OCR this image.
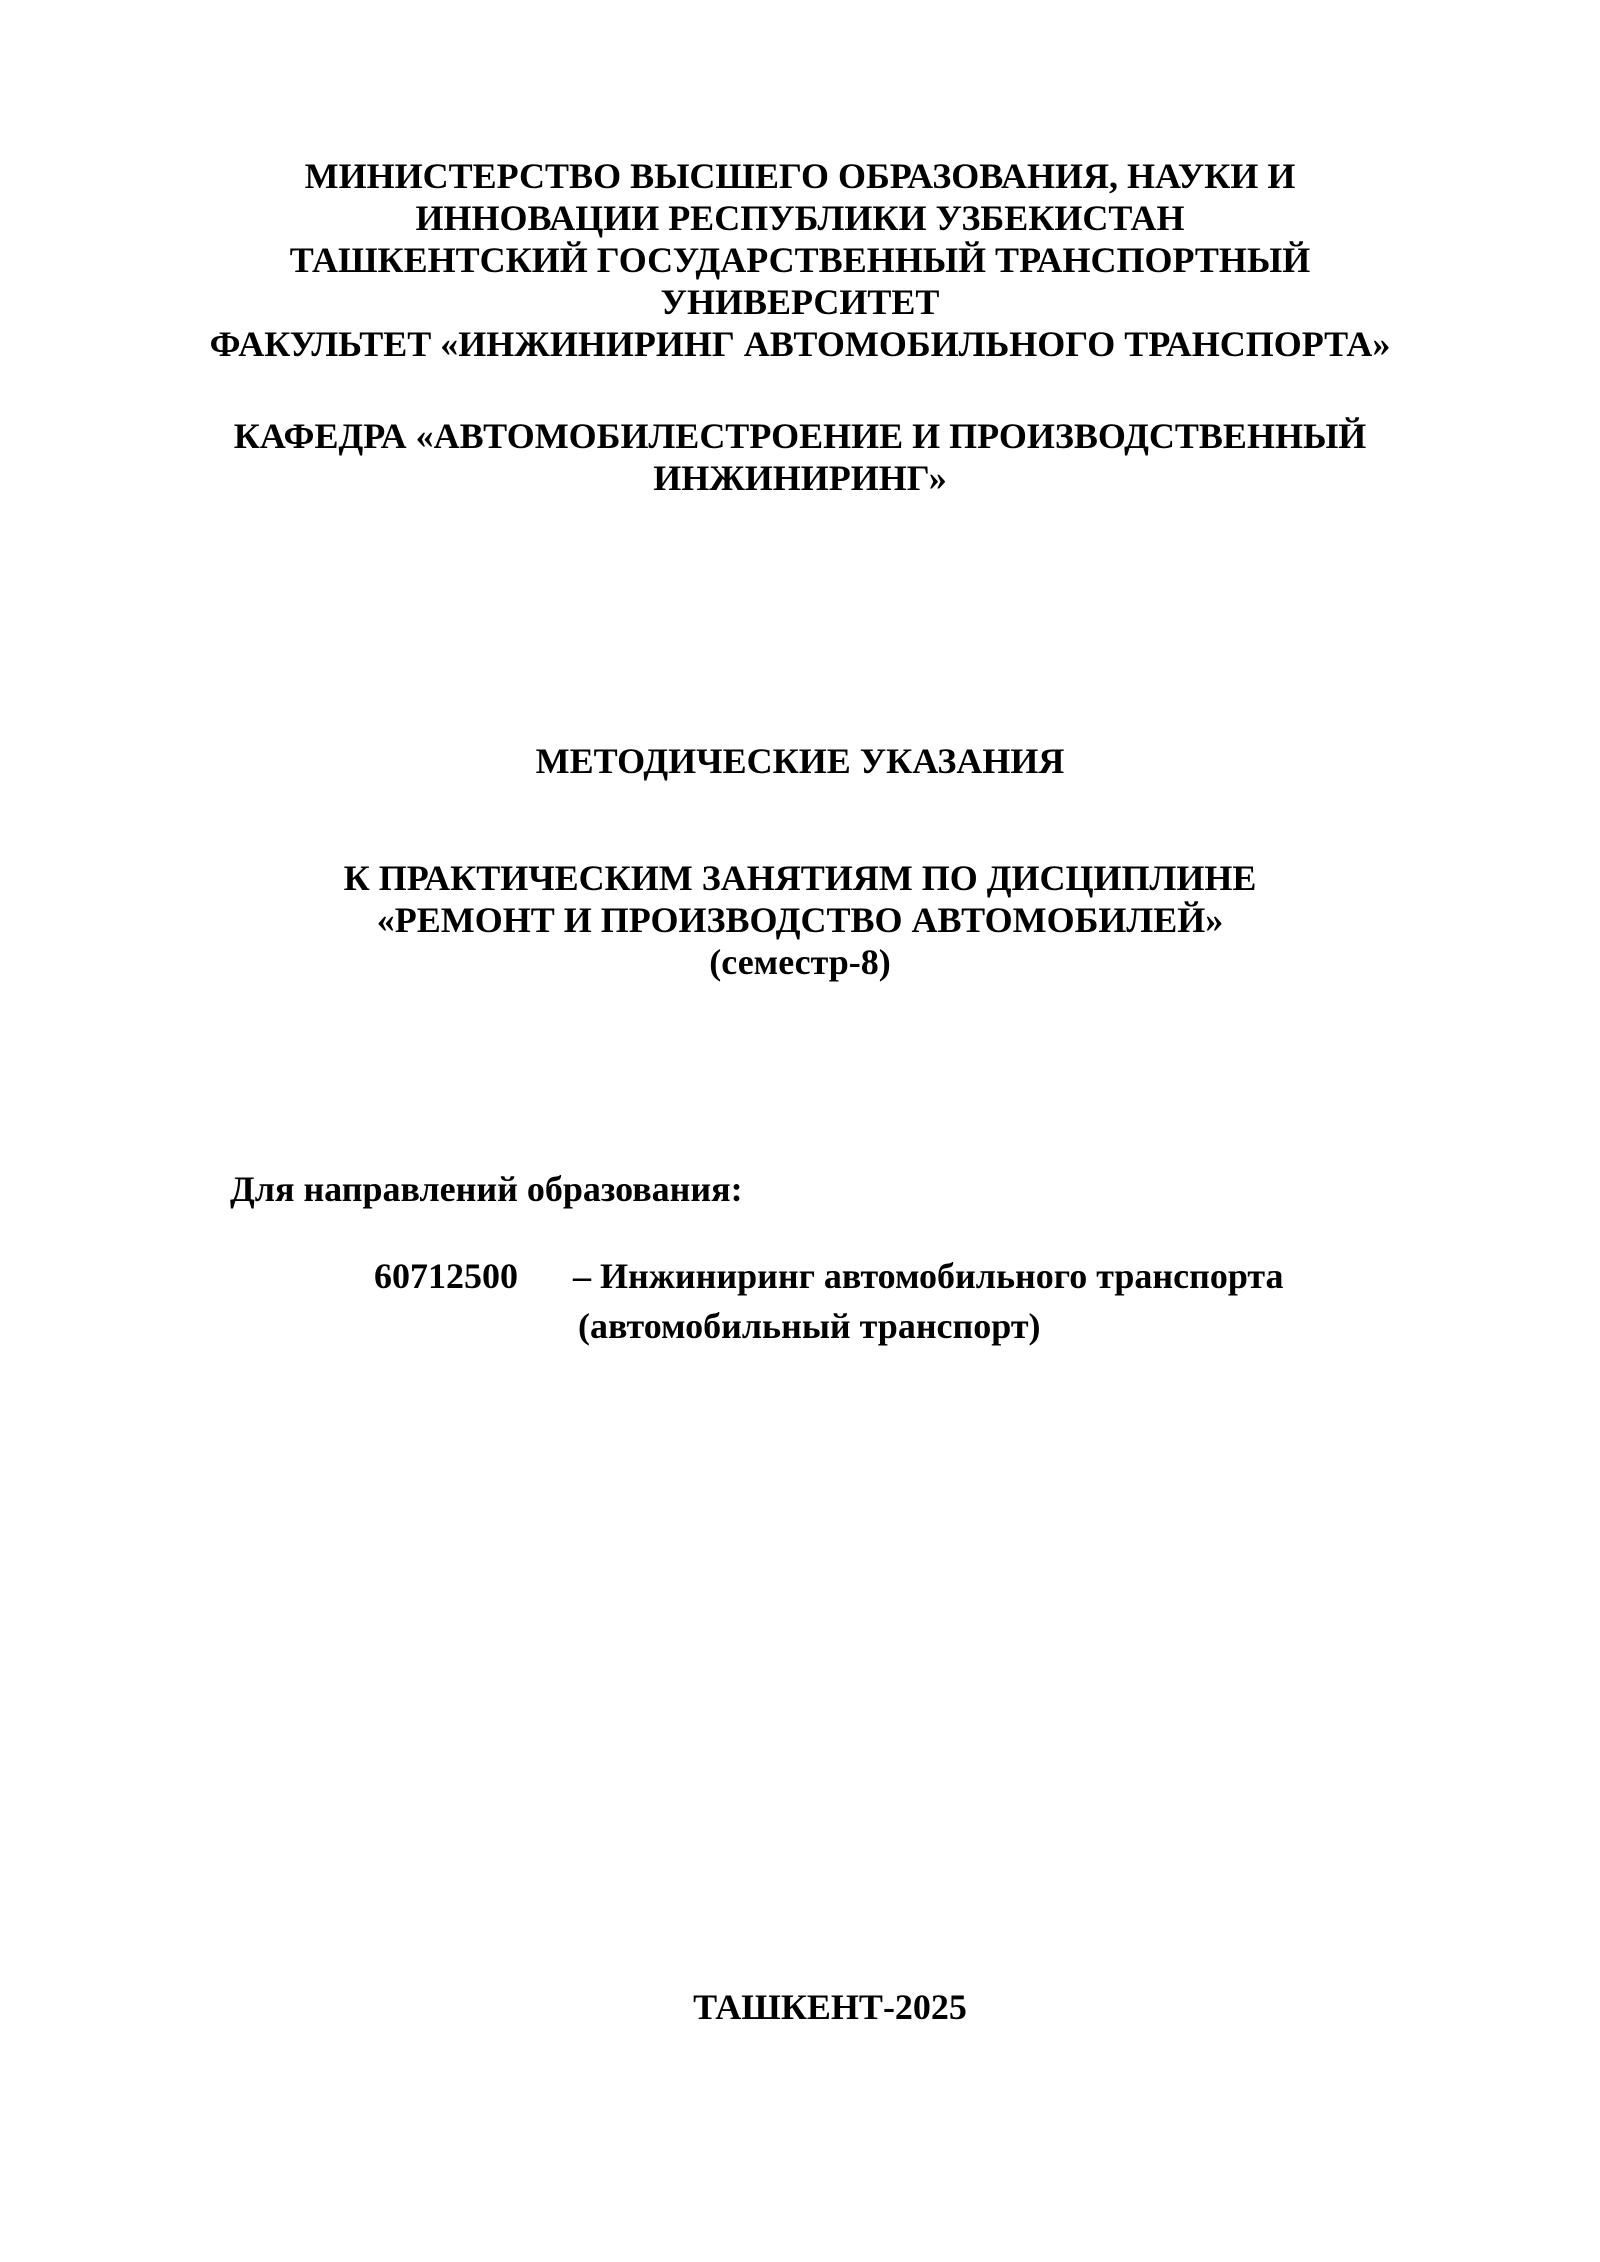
МИНИСТЕРСТВО ВЫСШЕГО ОБРАЗОВАНИЯ, НАУКИ И
ИННОВАЦИИ РЕСПУБЛИКИ УЗБЕКИСТАН
ТАШКЕНТСКИЙ ГОСУДАРСТВЕННЫЙ ТРАНСПОРТНЫЙ
УНИВЕРСИТЕТ
ФАКУЛЬТЕТ «ИНЖИНИРИНГ АВТОМОБИЛЬНОГО ТРАНСПОРТА»
КАФЕДРА «АВТОМОБИЛЕСТРОЕНИЕ И ПРОИЗВОДСТВЕННЫЙ
ИНЖИНИРИНГ»
МЕТОДИЧЕСКИЕ УКАЗАНИЯ
К ПРАКТИЧЕСКИМ ЗАНЯТИЯМ ПО ДИСЦИПЛИНЕ
«РЕМОНТ И ПРОИЗВОДСТВО АВТОМОБИЛЕЙ»
(семестр-8)
Для направлений образования:
60712500 – Инжиниринг автомобильного транспорта
(автомобильный транспорт)
ТАШКЕНТ-2025
